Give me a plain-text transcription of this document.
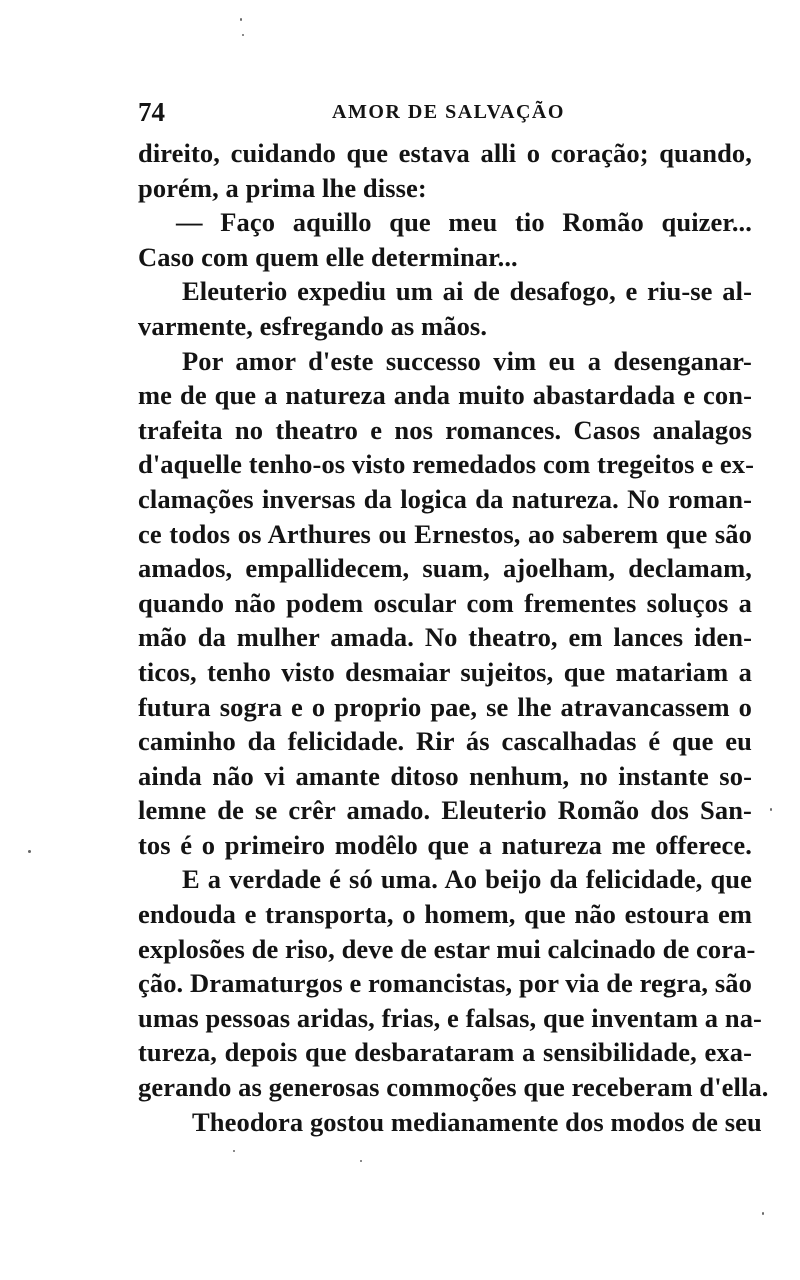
74	AMOR DE SALVAÇÃO
direito, cuidando que estava alli o coração; quando,
porém, a prima lhe disse:
— Faço aquillo que meu tio Romão quizer...
Caso com quem elle determinar...
Eleuterio expediu um ai de desafogo, e riu-se al-
varmente, esfregando as mãos.
Por amor d'este successo vim eu a desenganar-
me de que a natureza anda muito abastardada e con-
trafeita no theatro e nos romances. Casos analagos
d'aquelle tenho-os visto remedados com tregeitos e ex-
clamações inversas da logica da natureza. No roman-
ce todos os Arthures ou Ernestos, ao saberem que são
amados, empallidecem, suam, ajoelham, declamam,
quando não podem oscular com frementes soluços a
mão da mulher amada. No theatro, em lances iden-
ticos, tenho visto desmaiar sujeitos, que matariam a
futura sogra e o proprio pae, se lhe atravancassem o
caminho da felicidade. Rir ás cascalhadas é que eu
ainda não vi amante ditoso nenhum, no instante so-
lemne de se crêr amado. Eleuterio Romão dos San-
tos é o primeiro modêlo que a natureza me offerece.
E a verdade é só uma. Ao beijo da felicidade, que
endouda e transporta, o homem, que não estoura em
explosões de riso, deve de estar mui calcinado de cora-
ção. Dramaturgos e romancistas, por via de regra, são
umas pessoas aridas, frias, e falsas, que inventam a na-
tureza, depois que desbarataram a sensibilidade, exa-
gerando as generosas commoções que receberam d'ella.
Theodora gostou medianamente dos modos de seu
